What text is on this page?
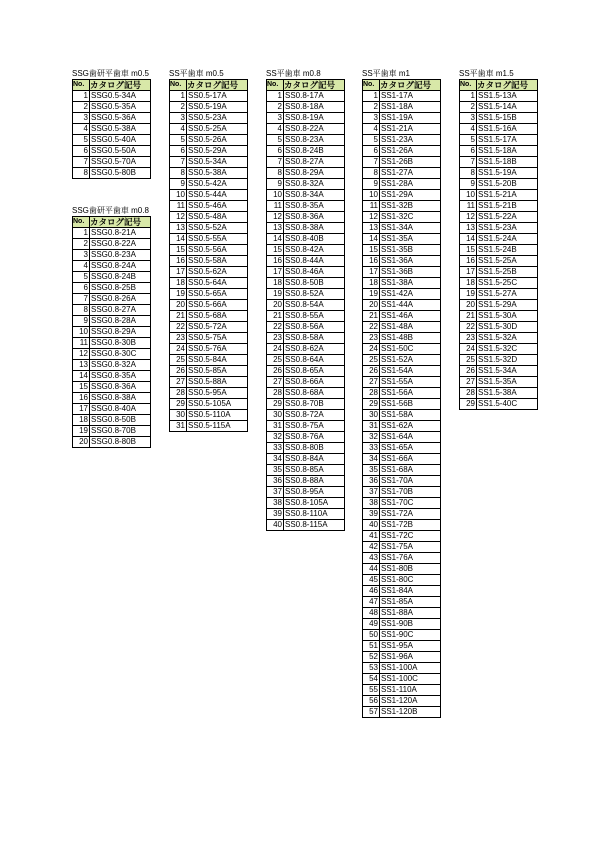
SSG歯研平歯車 m0.5
No.	カタログ記号
1	SSG0.5-34A
2	SSG0.5-35A
3	SSG0.5-36A
4	SSG0.5-38A
5	SSG0.5-40A
6	SSG0.5-50A
7	SSG0.5-70A
8	SSG0.5-80B
SSG歯研平歯車 m0.8
No.	カタログ記号
1	SSG0.8-21A
2	SSG0.8-22A
3	SSG0.8-23A
4	SSG0.8-24A
5	SSG0.8-24B
6	SSG0.8-25B
7	SSG0.8-26A
8	SSG0.8-27A
9	SSG0.8-28A
10	SSG0.8-29A
11	SSG0.8-30B
12	SSG0.8-30C
13	SSG0.8-32A
14	SSG0.8-35A
15	SSG0.8-36A
16	SSG0.8-38A
17	SSG0.8-40A
18	SSG0.8-50B
19	SSG0.8-70B
20	SSG0.8-80B
SS平歯車 m0.5
No.	カタログ記号
1	SS0.5-17A
2	SS0.5-19A
3	SS0.5-23A
4	SS0.5-25A
5	SS0.5-26A
6	SS0.5-29A
7	SS0.5-34A
8	SS0.5-38A
9	SS0.5-42A
10	SS0.5-44A
11	SS0.5-46A
12	SS0.5-48A
13	SS0.5-52A
14	SS0.5-55A
15	SS0.5-56A
16	SS0.5-58A
17	SS0.5-62A
18	SS0.5-64A
19	SS0.5-65A
20	SS0.5-66A
21	SS0.5-68A
22	SS0.5-72A
23	SS0.5-75A
24	SS0.5-76A
25	SS0.5-84A
26	SS0.5-85A
27	SS0.5-88A
28	SS0.5-95A
29	SS0.5-105A
30	SS0.5-110A
31	SS0.5-115A
SS平歯車 m0.8
No.	カタログ記号
1	SS0.8-17A
2	SS0.8-18A
3	SS0.8-19A
4	SS0.8-22A
5	SS0.8-23A
6	SS0.8-24B
7	SS0.8-27A
8	SS0.8-29A
9	SS0.8-32A
10	SS0.8-34A
11	SS0.8-35A
12	SS0.8-36A
13	SS0.8-38A
14	SS0.8-40B
15	SS0.8-42A
16	SS0.8-44A
17	SS0.8-46A
18	SS0.8-50B
19	SS0.8-52A
20	SS0.8-54A
21	SS0.8-55A
22	SS0.8-56A
23	SS0.8-58A
24	SS0.8-62A
25	SS0.8-64A
26	SS0.8-65A
27	SS0.8-66A
28	SS0.8-68A
29	SS0.8-70B
30	SS0.8-72A
31	SS0.8-75A
32	SS0.8-76A
33	SS0.8-80B
34	SS0.8-84A
35	SS0.8-85A
36	SS0.8-88A
37	SS0.8-95A
38	SS0.8-105A
39	SS0.8-110A
40	SS0.8-115A
SS平歯車 m1
No.	カタログ記号
1	SS1-17A
2	SS1-18A
3	SS1-19A
4	SS1-21A
5	SS1-23A
6	SS1-26A
7	SS1-26B
8	SS1-27A
9	SS1-28A
10	SS1-29A
11	SS1-32B
12	SS1-32C
13	SS1-34A
14	SS1-35A
15	SS1-35B
16	SS1-36A
17	SS1-36B
18	SS1-38A
19	SS1-42A
20	SS1-44A
21	SS1-46A
22	SS1-48A
23	SS1-48B
24	SS1-50C
25	SS1-52A
26	SS1-54A
27	SS1-55A
28	SS1-56A
29	SS1-56B
30	SS1-58A
31	SS1-62A
32	SS1-64A
33	SS1-65A
34	SS1-66A
35	SS1-68A
36	SS1-70A
37	SS1-70B
38	SS1-70C
39	SS1-72A
40	SS1-72B
41	SS1-72C
42	SS1-75A
43	SS1-76A
44	SS1-80B
45	SS1-80C
46	SS1-84A
47	SS1-85A
48	SS1-88A
49	SS1-90B
50	SS1-90C
51	SS1-95A
52	SS1-96A
53	SS1-100A
54	SS1-100C
55	SS1-110A
56	SS1-120A
57	SS1-120B
SS平歯車 m1.5
No.	カタログ記号
1	SS1.5-13A
2	SS1.5-14A
3	SS1.5-15B
4	SS1.5-16A
5	SS1.5-17A
6	SS1.5-18A
7	SS1.5-18B
8	SS1.5-19A
9	SS1.5-20B
10	SS1.5-21A
11	SS1.5-21B
12	SS1.5-22A
13	SS1.5-23A
14	SS1.5-24A
15	SS1.5-24B
16	SS1.5-25A
17	SS1.5-25B
18	SS1.5-25C
19	SS1.5-27A
20	SS1.5-29A
21	SS1.5-30A
22	SS1.5-30D
23	SS1.5-32A
24	SS1.5-32C
25	SS1.5-32D
26	SS1.5-34A
27	SS1.5-35A
28	SS1.5-38A
29	SS1.5-40C
